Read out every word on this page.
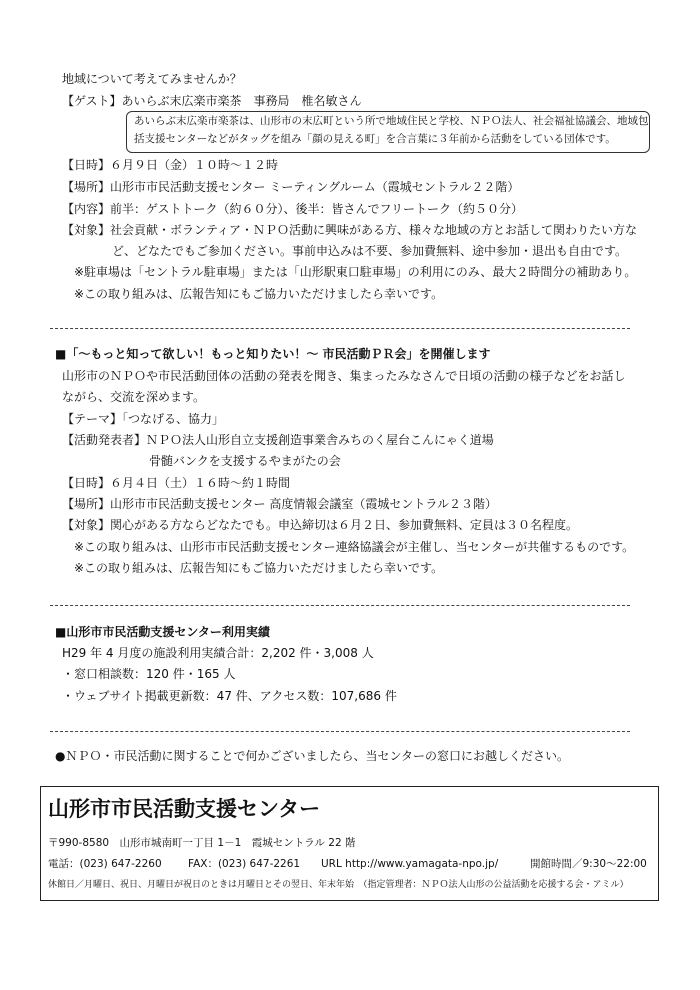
地域について考えてみませんか？
【ゲスト】あいらぶ末広楽市楽茶　事務局　椎名敏さん
あいらぶ末広楽市楽茶は、山形市の末広町という所で地域住民と学校、ＮＰＯ法人、社会福祉協議会、地域包
括支援センターなどがタッグを組み「顔の見える町」を合言葉に３年前から活動をしている団体です。
【日時】６月９日（金）１０時～１２時
【場所】山形市市民活動支援センター ミーティングルーム（霞城セントラル２２階）
【内容】前半：ゲストトーク（約６０分）、後半：皆さんでフリートーク（約５０分）
【対象】社会貢献・ボランティア・ＮＰＯ活動に興味がある方、様々な地域の方とお話して関わりたい方な
ど、どなたでもご参加ください。事前申込みは不要、参加費無料、途中参加・退出も自由です。
※駐車場は「セントラル駐車場」または「山形駅東口駐車場」の利用にのみ、最大２時間分の補助あり。
※この取り組みは、広報告知にもご協力いただけましたら幸いです。
■「～もっと知って欲しい！もっと知りたい！～ 市民活動ＰＲ会」を開催します
山形市のＮＰＯや市民活動団体の活動の発表を聞き、集まったみなさんで日頃の活動の様子などをお話し
ながら、交流を深めます。
【テーマ】「つなげる、協力」
【活動発表者】ＮＰＯ法人山形自立支援創造事業舎みちのく屋台こんにゃく道場
骨髄バンクを支援するやまがたの会
【日時】６月４日（土）１６時～約１時間
【場所】山形市市民活動支援センター 高度情報会議室（霞城セントラル２３階）
【対象】関心がある方ならどなたでも。申込締切は６月２日、参加費無料、定員は３０名程度。
※この取り組みは、山形市市民活動支援センター連絡協議会が主催し、当センターが共催するものです。
※この取り組みは、広報告知にもご協力いただけましたら幸いです。
■山形市市民活動支援センター利用実績
H29 年 4 月度の施設利用実績合計：2,202 件・3,008 人
・窓口相談数：120 件・165 人
・ウェブサイト掲載更新数：47 件、アクセス数：107,686 件
●ＮＰＯ・市民活動に関することで何かございましたら、当センターの窓口にお越しください。
山形市市民活動支援センター
〒990-8580　山形市城南町一丁目 1－1　霞城セントラル 22 階
電話：(023) 647-2260	FAX：(023) 647-2261 URL http://www.yamagata-npo.jp/	開館時間／9:30～22:00
休館日／月曜日、祝日、月曜日が祝日のときは月曜日とその翌日、年末年始　（指定管理者：ＮＰＯ法人山形の公益活動を応援する会・アミル）
